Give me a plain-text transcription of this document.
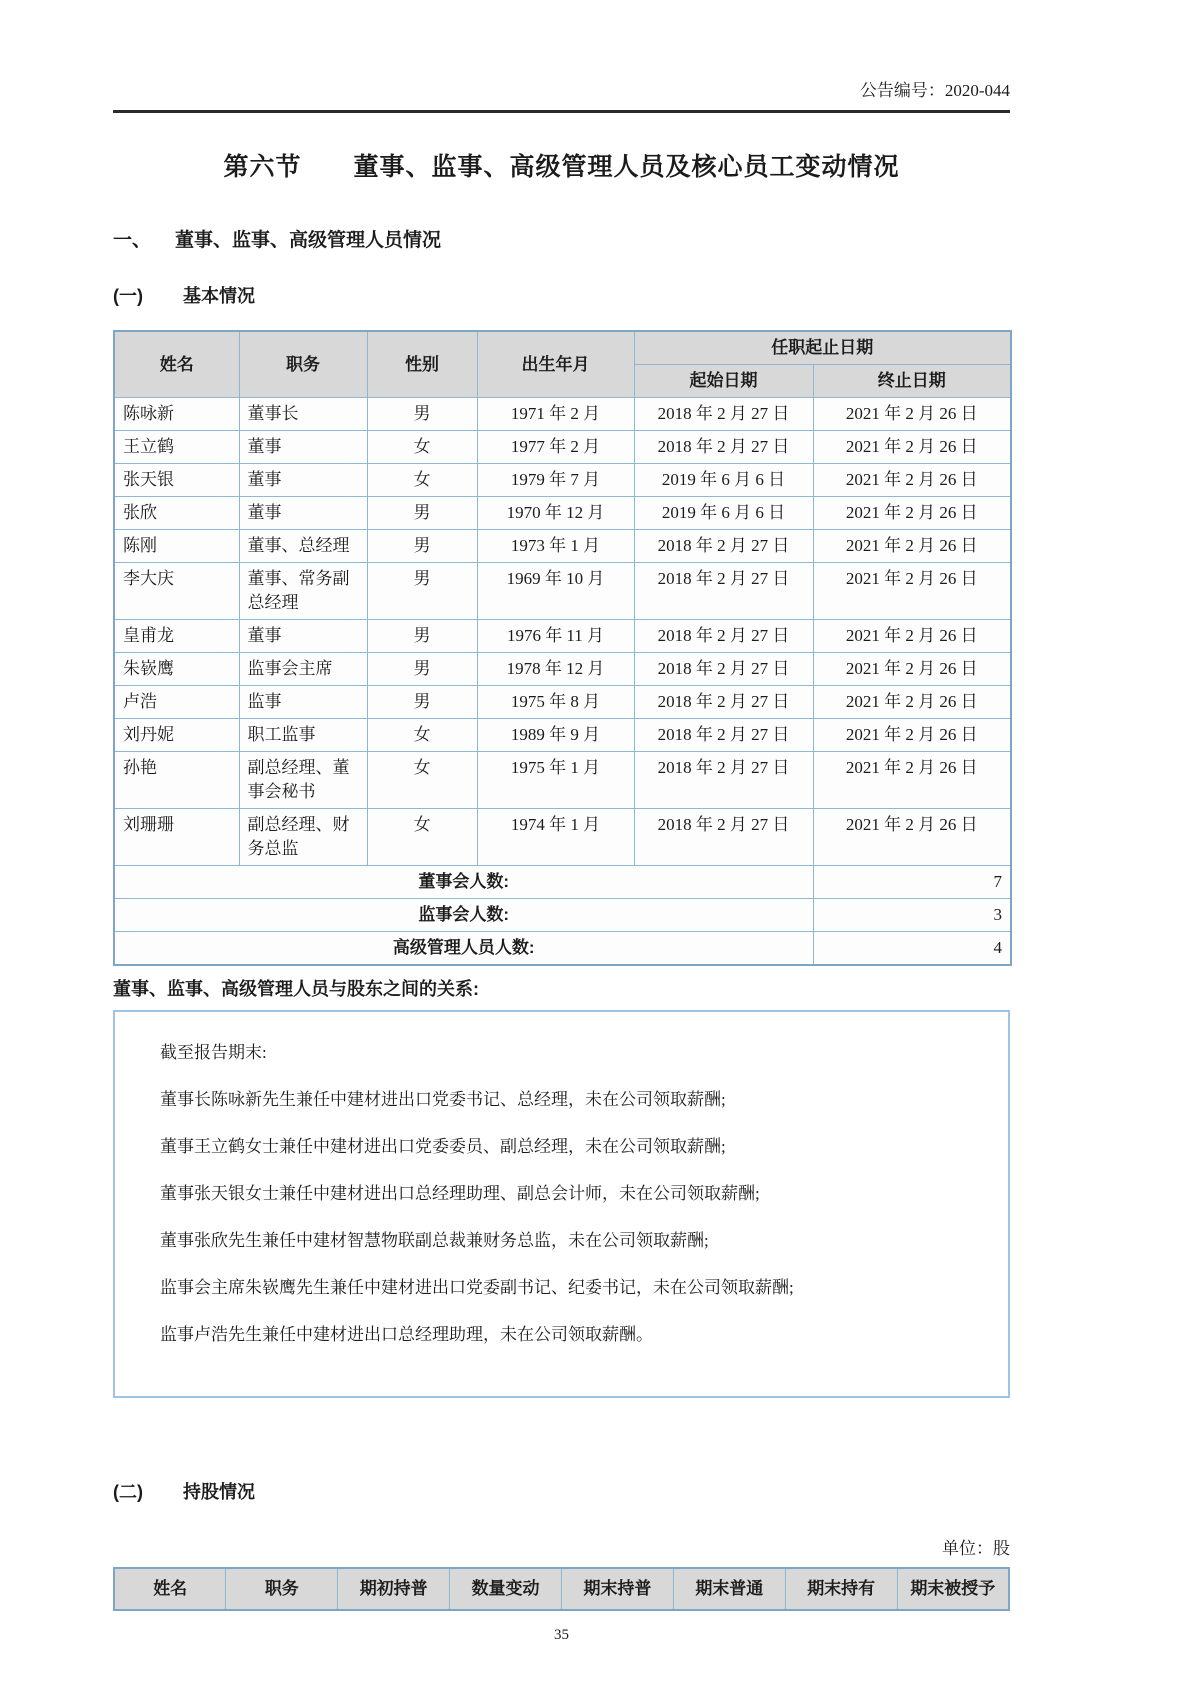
公告编号：2020-044
第六节 董事、监事、高级管理人员及核心员工变动情况
一、 董事、监事、高级管理人员情况
(一) 基本情况
姓名	职务	性别	出生年月	任职起止日期	
				起始日期	终止日期
陈咏新	董事长	男	1971 年 2 月	2018 年 2 月 27 日	2021 年 2 月 26 日
王立鹤	董事	女	1977 年 2 月	2018 年 2 月 27 日	2021 年 2 月 26 日
张天银	董事	女	1979 年 7 月	2019 年 6 月 6 日	2021 年 2 月 26 日
张欣	董事	男	1970 年 12 月	2019 年 6 月 6 日	2021 年 2 月 26 日
陈刚	董事、总经理	男	1973 年 1 月	2018 年 2 月 27 日	2021 年 2 月 26 日
李大庆	董事、常务副总经理	男	1969 年 10 月	2018 年 2 月 27 日	2021 年 2 月 26 日
皇甫龙	董事	男	1976 年 11 月	2018 年 2 月 27 日	2021 年 2 月 26 日
朱嵚鹰	监事会主席	男	1978 年 12 月	2018 年 2 月 27 日	2021 年 2 月 26 日
卢浩	监事	男	1975 年 8 月	2018 年 2 月 27 日	2021 年 2 月 26 日
刘丹妮	职工监事	女	1989 年 9 月	2018 年 2 月 27 日	2021 年 2 月 26 日
孙艳	副总经理、董事会秘书	女	1975 年 1 月	2018 年 2 月 27 日	2021 年 2 月 26 日
刘珊珊	副总经理、财务总监	女	1974 年 1 月	2018 年 2 月 27 日	2021 年 2 月 26 日
董事会人数:					7
监事会人数:					3
高级管理人员人数:					4
董事、监事、高级管理人员与股东之间的关系:

截至报告期末:

董事长陈咏新先生兼任中建材进出口党委书记、总经理，未在公司领取薪酬;

董事王立鹤女士兼任中建材进出口党委委员、副总经理，未在公司领取薪酬;

董事张天银女士兼任中建材进出口总经理助理、副总会计师，未在公司领取薪酬;

董事张欣先生兼任中建材智慧物联副总裁兼财务总监，未在公司领取薪酬;

监事会主席朱嵚鹰先生兼任中建材进出口党委副书记、纪委书记，未在公司领取薪酬;

监事卢浩先生兼任中建材进出口总经理助理，未在公司领取薪酬。

(二) 持股情况
单位：股
姓名	职务	期初持普	数量变动	期末持普	期末普通	期末持有	期末被授予
35
